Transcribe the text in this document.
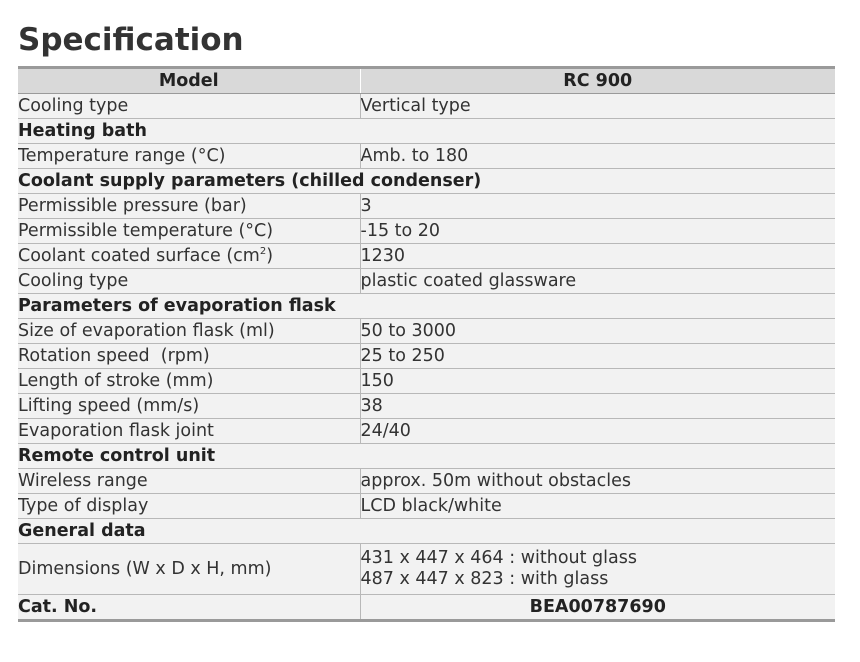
Specification
Model	RC 900
Cooling type	Vertical type
Heating bath	
Temperature range (°C)	Amb. to 180
Coolant supply parameters (chilled condenser)	
Permissible pressure (bar)	3
Permissible temperature (°C)	-15 to 20
Coolant coated surface $(cm^2)$	1230
Cooling type	plastic coated glassware
Parameters of evaporation flask	
Size of evaporation flask (ml)	50 to 3000
Rotation speed  (rpm)	25 to 250
Length of stroke (mm)	150
Lifting speed (mm/s)	38
Evaporation flask joint	24/40
Remote control unit	
Wireless range	approx. 50m without obstacles
Type of display	LCD black/white
General data	
Dimensions (W x D x H, mm)	431 x 447 x 464 : without glass
487 x 447 x 823 : with glass

Cat. No.	BEA00787690
